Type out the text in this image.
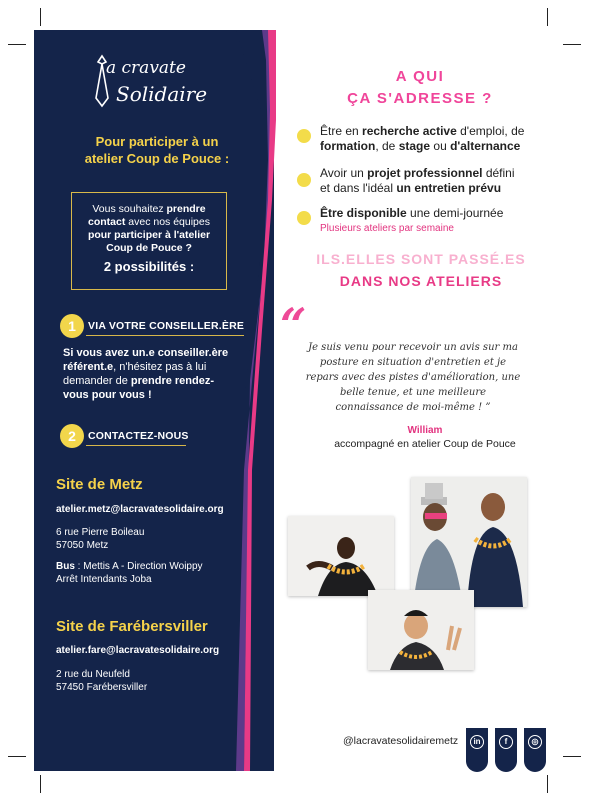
a cravate
Solidaire
Pour participer à un
atelier Coup de Pouce :
Vous souhaitez prendre
contact avec nos équipes
pour participer à l'atelier
Coup de Pouce ?
2 possibilités :
1	VIA VOTRE CONSEILLER.ÈRE
Si vous avez un.e conseiller.ère
référent.e, n'hésitez pas à lui
demander de prendre rendez-
vous pour vous !
2	CONTACTEZ-NOUS
Site de Metz
atelier.metz@lacravatesolidaire.org
6 rue Pierre Boileau
57050 Metz
Bus : Mettis A - Direction Woippy
Arrêt Intendants Joba
Site de Farébersviller
atelier.fare@lacravatesolidaire.org
2 rue du Neufeld
57450 Farébersviller
A QUI
ÇA S'ADRESSE ?
Être en recherche active d'emploi, de
formation, de stage ou d'alternance
Avoir un projet professionnel défini
et dans l'idéal un entretien prévu
Être disponible une demi-journée
Plusieurs ateliers par semaine
ILS.ELLES SONT PASSÉ.ES
DANS NOS ATELIERS
“ Je suis venu pour recevoir un avis sur ma
posture en situation d'entretien et je
repars avec des pistes d'amélioration, une
belle tenue, et une meilleure
connaissance de moi-même ! ”
William
accompagné en atelier Coup de Pouce
@lacravatesolidairemetz	in	f	◎
